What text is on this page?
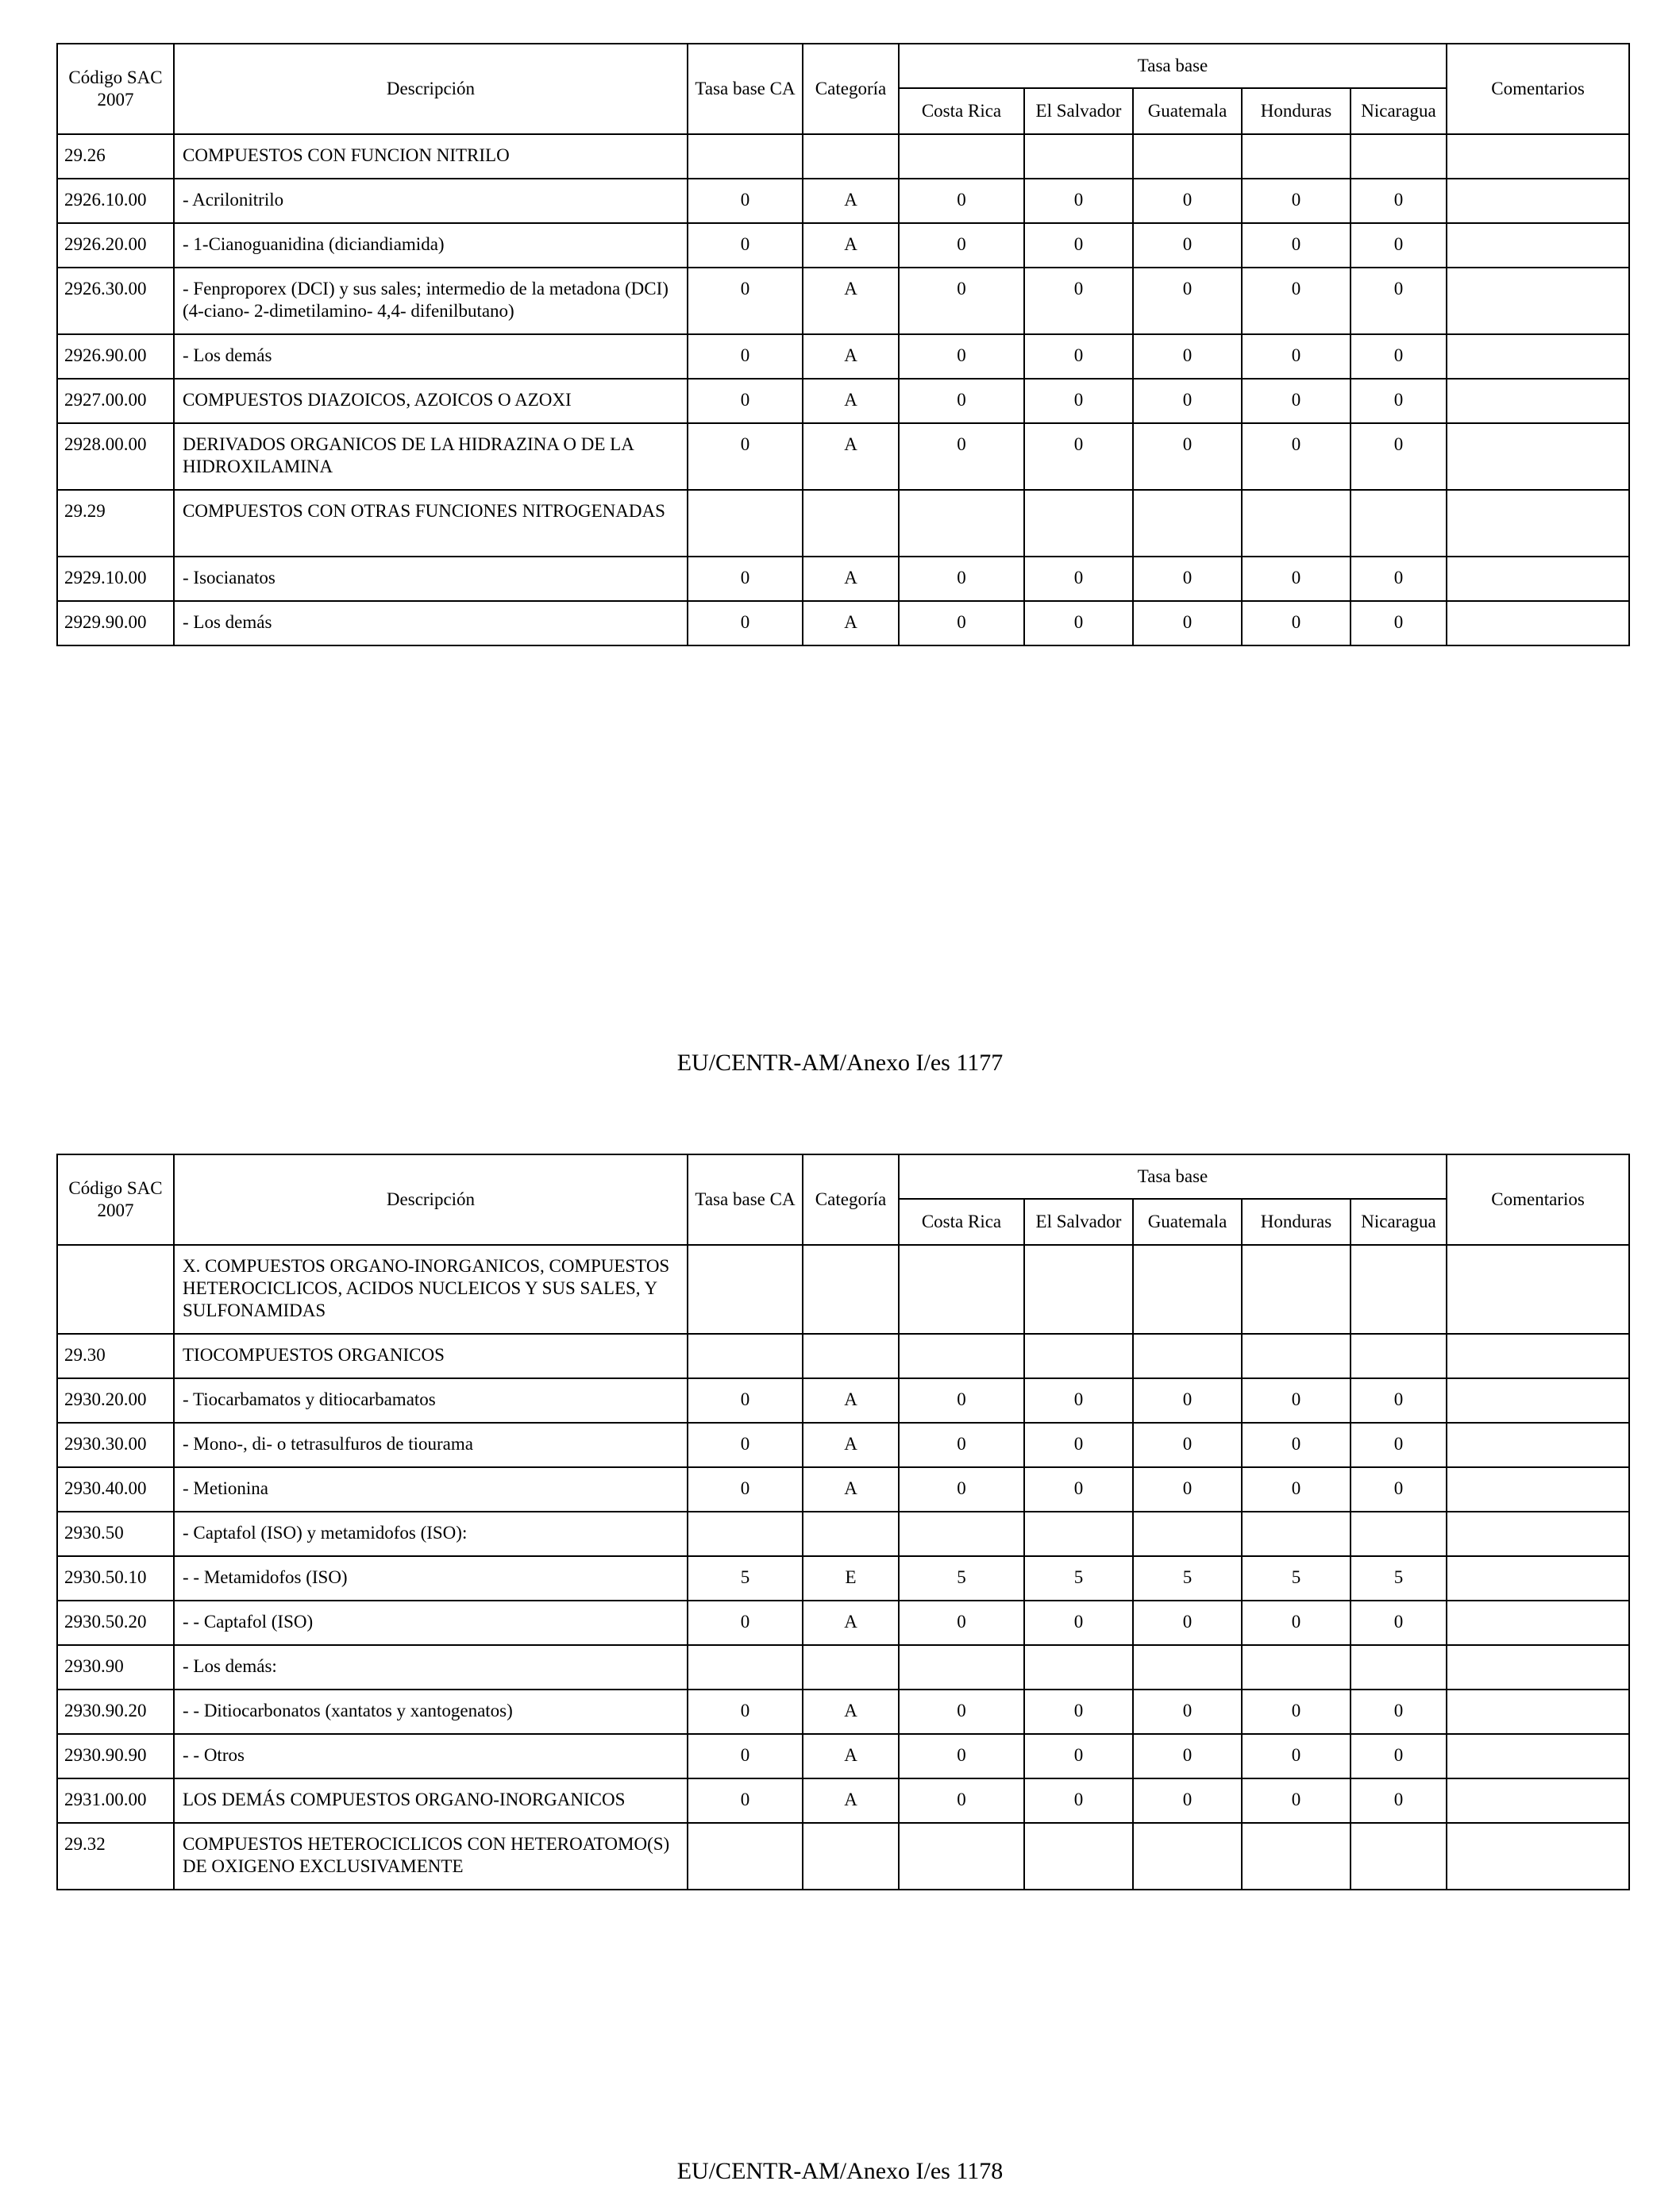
Código SAC 2007	Descripción	Tasa base CA	Categoría	Tasa base					Comentarios
				Costa Rica	El Salvador	Guatemala	Honduras	Nicaragua	
29.26	COMPUESTOS CON FUNCION NITRILO								
2926.10.00	- Acrilonitrilo	0	A	0	0	0	0	0	
2926.20.00	- 1-Cianoguanidina (diciandiamida)	0	A	0	0	0	0	0	
2926.30.00	- Fenproporex (DCI) y sus sales; intermedio de la metadona (DCI) (4-ciano- 2-dimetilamino- 4,4- difenilbutano)	0	A	0	0	0	0	0	
2926.90.00	- Los demás	0	A	0	0	0	0	0	
2927.00.00	COMPUESTOS DIAZOICOS, AZOICOS O AZOXI	0	A	0	0	0	0	0	
2928.00.00	DERIVADOS ORGANICOS DE LA HIDRAZINA O DE LA HIDROXILAMINA	0	A	0	0	0	0	0	
29.29	COMPUESTOS CON OTRAS FUNCIONES NITROGENADAS								
2929.10.00	- Isocianatos	0	A	0	0	0	0	0	
2929.90.00	- Los demás	0	A	0	0	0	0	0	
EU/CENTR-AM/Anexo I/es 1177
Código SAC 2007	Descripción	Tasa base CA	Categoría	Tasa base					Comentarios
				Costa Rica	El Salvador	Guatemala	Honduras	Nicaragua	
	X. COMPUESTOS ORGANO-INORGANICOS, COMPUESTOS HETEROCICLICOS, ACIDOS NUCLEICOS Y SUS SALES, Y SULFONAMIDAS								
29.30	TIOCOMPUESTOS ORGANICOS								
2930.20.00	- Tiocarbamatos y ditiocarbamatos	0	A	0	0	0	0	0	
2930.30.00	- Mono-, di- o tetrasulfuros de tiourama	0	A	0	0	0	0	0	
2930.40.00	- Metionina	0	A	0	0	0	0	0	
2930.50	- Captafol (ISO) y metamidofos (ISO):								
2930.50.10	- - Metamidofos (ISO)	5	E	5	5	5	5	5	
2930.50.20	- - Captafol (ISO)	0	A	0	0	0	0	0	
2930.90	- Los demás:								
2930.90.20	- - Ditiocarbonatos (xantatos y xantogenatos)	0	A	0	0	0	0	0	
2930.90.90	- - Otros	0	A	0	0	0	0	0	
2931.00.00	LOS DEMÁS COMPUESTOS ORGANO-INORGANICOS	0	A	0	0	0	0	0	
29.32	COMPUESTOS HETEROCICLICOS CON HETEROATOMO(S) DE OXIGENO EXCLUSIVAMENTE								
EU/CENTR-AM/Anexo I/es 1178
